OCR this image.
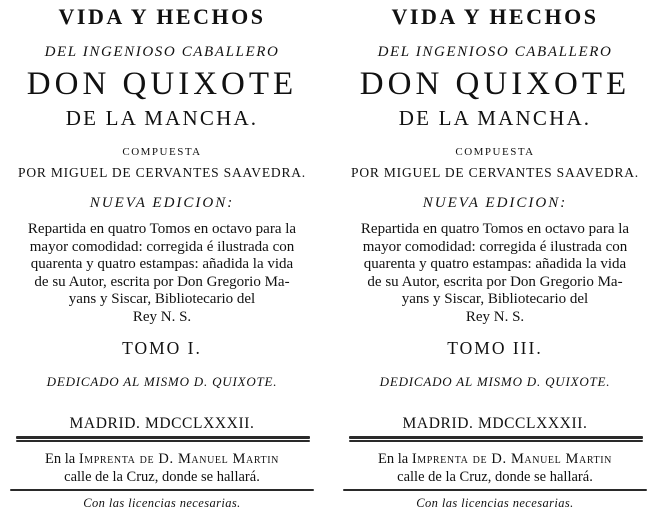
VIDA Y HECHOS
DEL INGENIOSO CABALLERO
DON QUIXOTE
DE LA MANCHA.
COMPUESTA
POR MIGUEL DE CERVANTES SAAVEDRA.
NUEVA EDICION:
Repartida en quatro Tomos en octavo para la
mayor comodidad: corregida é ilustrada con
quarenta y quatro estampas: añadida la vida
de su Autor, escrita por Don Gregorio Ma-
yans y Siscar, Bibliotecario del
Rey N. S.
TOMO I.
DEDICADO AL MISMO D. QUIXOTE.
MADRID. MDCCLXXXII.
En la Imprenta de D. Manuel Martin
calle de la Cruz, donde se hallará.
Con las licencias necesarias.
VIDA Y HECHOS
DEL INGENIOSO CABALLERO
DON QUIXOTE
DE LA MANCHA.
COMPUESTA
POR MIGUEL DE CERVANTES SAAVEDRA.
NUEVA EDICION:
Repartida en quatro Tomos en octavo para la
mayor comodidad: corregida é ilustrada con
quarenta y quatro estampas: añadida la vida
de su Autor, escrita por Don Gregorio Ma-
yans y Siscar, Bibliotecario del
Rey N. S.
TOMO III.
DEDICADO AL MISMO D. QUIXOTE.
MADRID. MDCCLXXXII.
En la Imprenta de D. Manuel Martin
calle de la Cruz, donde se hallará.
Con las licencias necesarias.
